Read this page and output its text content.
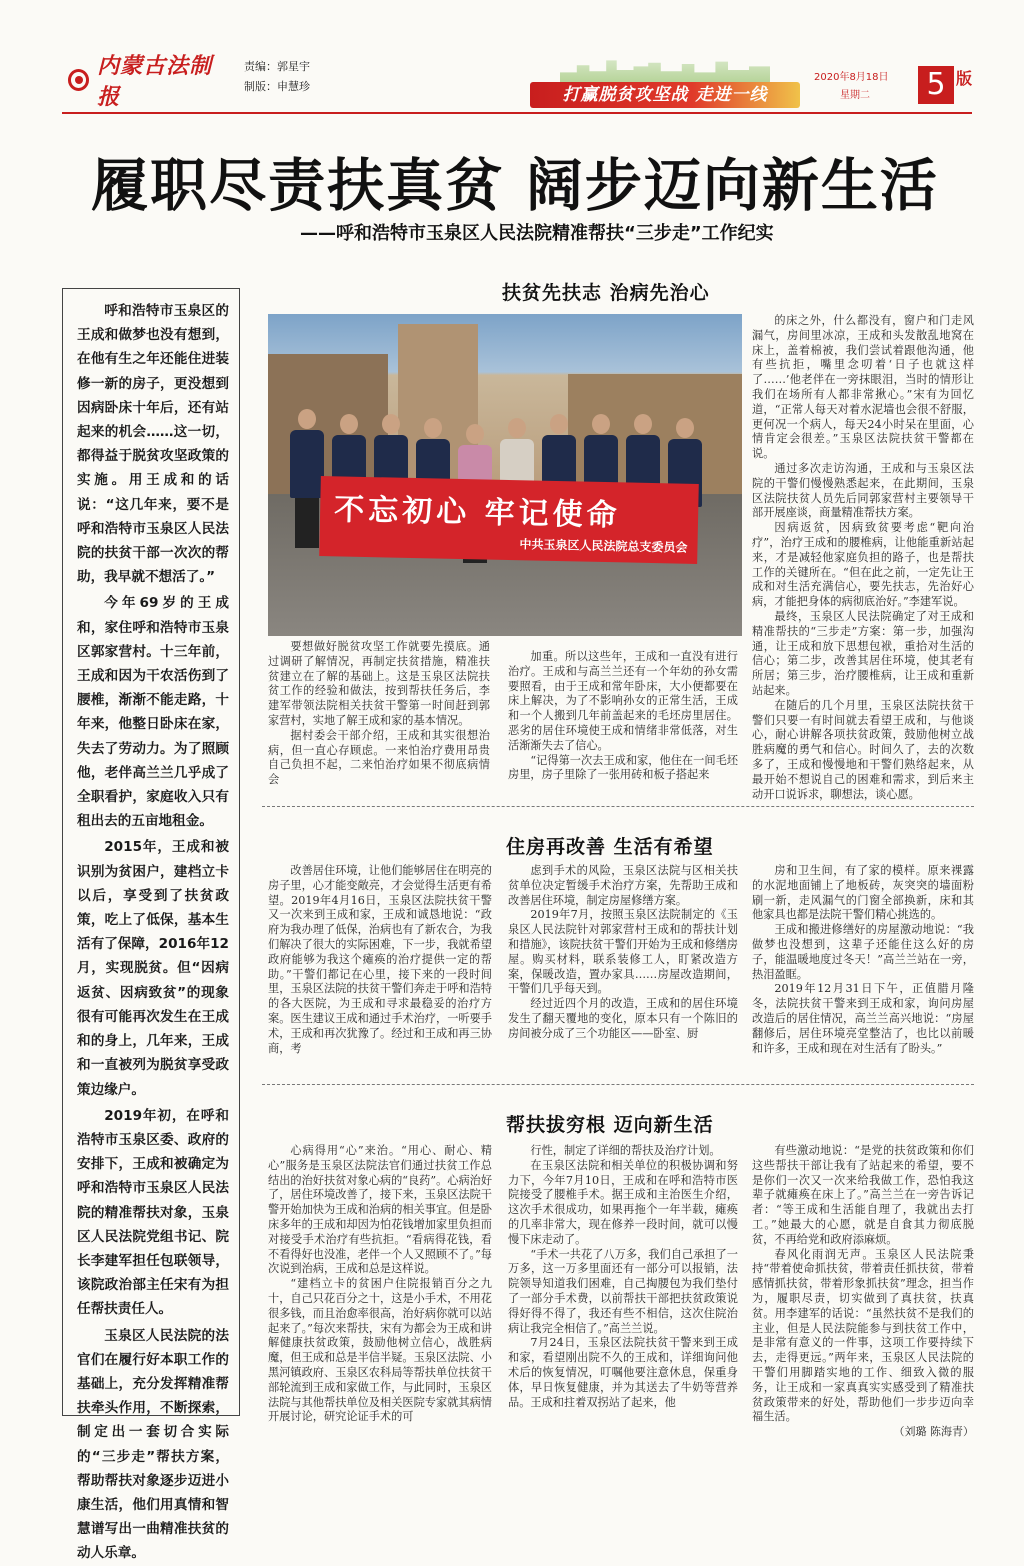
内蒙古法制报
责编：郭星宇
制版：申慧珍	打赢脱贫攻坚战 走进一线
2020年8月18日
星期二 5 版
履职尽责扶真贫 阔步迈向新生活
——呼和浩特市玉泉区人民法院精准帮扶“三步走”工作纪实

呼和浩特市玉泉区的王成和做梦也没有想到，在他有生之年还能住进装修一新的房子，更没想到因病卧床十年后，还有站起来的机会……这一切，都得益于脱贫攻坚政策的实施。用王成和的话说：“这几年来，要不是呼和浩特市玉泉区人民法院的扶贫干部一次次的帮助，我早就不想活了。”

今年69岁的王成和，家住呼和浩特市玉泉区郭家营村。十三年前，王成和因为干农活伤到了腰椎，渐渐不能走路，十年来，他整日卧床在家，失去了劳动力。为了照顾他，老伴高兰兰几乎成了全职看护，家庭收入只有租出去的五亩地租金。

2015年，王成和被识别为贫困户，建档立卡以后，享受到了扶贫政策，吃上了低保，基本生活有了保障，2016年12月，实现脱贫。但“因病返贫、因病致贫”的现象很有可能再次发生在王成和的身上，几年来，王成和一直被列为脱贫享受政策边缘户。

2019年初，在呼和浩特市玉泉区委、政府的安排下，王成和被确定为呼和浩特市玉泉区人民法院的精准帮扶对象，玉泉区人民法院党组书记、院长李建军担任包联领导，该院政治部主任宋有为担任帮扶责任人。

玉泉区人民法院的法官们在履行好本职工作的基础上，充分发挥精准帮扶牵头作用，不断探索，制定出一套切合实际的“三步走”帮扶方案，帮助帮扶对象逐步迈进小康生活，他们用真情和智慧谱写出一曲精准扶贫的动人乐章。

扶贫先扶志 治病先治心
不忘初心 牢记使命
中共玉泉区人民法院总支委员会

要想做好脱贫攻坚工作就要先摸底。通过调研了解情况，再制定扶贫措施，精准扶贫建立在了解的基础上。这是玉泉区法院扶贫工作的经验和做法，按到帮扶任务后，李建军带领法院相关扶贫干警第一时间赶到郭家营村，实地了解王成和家的基本情况。

据村委会干部介绍，王成和其实很想治病，但一直心存顾虑。一来怕治疗费用昂贵自己负担不起，二来怕治疗如果不彻底病情会

加重。所以这些年，王成和一直没有进行治疗。王成和与高兰兰还有一个年幼的孙女需要照看，由于王成和常年卧床，大小便都要在床上解决，为了不影响孙女的正常生活，王成和一个人搬到几年前盖起来的毛坯房里居住。恶劣的居住环境使王成和情绪非常低落，对生活渐渐失去了信心。

“记得第一次去王成和家，他住在一间毛坯房里，房子里除了一张用砖和板子搭起来

的床之外，什么都没有，窗户和门走风漏气，房间里冰凉，王成和头发散乱地窝在床上，盖着棉被，我们尝试着跟他沟通，他有些抗拒，嘴里念叨着‘日子也就这样了……’他老伴在一旁抹眼泪，当时的情形让我们在场所有人都非常揪心。”宋有为回忆道，“正常人每天对着水泥墙也会很不舒服，更何况一个病人，每天24小时呆在里面，心情肯定会很差。”玉泉区法院扶贫干警都在说。

通过多次走访沟通，王成和与玉泉区法院的干警们慢慢熟悉起来，在此期间，玉泉区法院扶贫人员先后同郭家营村主要领导干部开展座谈，商量精准帮扶方案。

因病返贫，因病致贫要考虑“靶向治疗”，治疗王成和的腰椎病，让他能重新站起来，才是减轻他家庭负担的路子，也是帮扶工作的关键所在。“但在此之前，一定先让王成和对生活充满信心，要先扶志，先治好心病，才能把身体的病彻底治好。”李建军说。

最终，玉泉区人民法院确定了对王成和精准帮扶的“三步走”方案：第一步，加强沟通，让王成和放下思想包袱，重拾对生活的信心；第二步，改善其居住环境，使其老有所居；第三步，治疗腰椎病，让王成和重新站起来。

在随后的几个月里，玉泉区法院扶贫干警们只要一有时间就去看望王成和，与他谈心，耐心讲解各项扶贫政策，鼓励他树立战胜病魔的勇气和信心。时间久了，去的次数多了，王成和慢慢地和干警们熟络起来，从最开始不想说自己的困难和需求，到后来主动开口说诉求，聊想法，谈心愿。

住房再改善 生活有希望

改善居住环境，让他们能够居住在明亮的房子里，心才能变敞亮，才会觉得生活更有希望。2019年4月16日，玉泉区法院扶贫干警又一次来到王成和家，王成和诚恳地说：“政府为我办理了低保，治病也有了新农合，为我们解决了很大的实际困难，下一步，我就希望政府能够为我这个瘫痪的治疗提供一定的帮助。”干警们都记在心里，接下来的一段时间里，玉泉区法院的扶贫干警们奔走于呼和浩特的各大医院，为王成和寻求最稳妥的治疗方案。医生建议王成和通过手术治疗，一听要手术，王成和再次犹豫了。经过和王成和再三协商，考

虑到手术的风险，玉泉区法院与区相关扶贫单位决定暂缓手术治疗方案，先帮助王成和改善居住环境，制定房屋修缮方案。

2019年7月，按照玉泉区法院制定的《玉泉区人民法院针对郭家营村王成和的帮扶计划和措施》，该院扶贫干警们开始为王成和修缮房屋。购买材料，联系装修工人，盯紧改造方案，保暖改造，置办家具……房屋改造期间，干警们几乎每天到。

经过近四个月的改造，王成和的居住环境发生了翻天覆地的变化，原本只有一个陈旧的房间被分成了三个功能区——卧室、厨

房和卫生间，有了家的模样。原来裸露的水泥地面铺上了地板砖，灰突突的墙面粉刷一新，走风漏气的门窗全部换新，床和其他家具也都是法院干警们精心挑选的。

王成和搬进修缮好的房屋激动地说：“我做梦也没想到，这辈子还能住这么好的房子，能温暖地度过冬天！”高兰兰站在一旁，热泪盈眶。

2019年12月31日下午，正值腊月隆冬，法院扶贫干警来到王成和家，询问房屋改造后的居住情况，高兰兰高兴地说：“房屋翻修后，居住环境亮堂整洁了，也比以前暖和许多，王成和现在对生活有了盼头。”

帮扶拔穷根 迈向新生活

心病得用“心”来治。“用心、耐心、精心”服务是玉泉区法院法官们通过扶贫工作总结出的治好扶贫对象心病的“良药”。心病治好了，居住环境改善了，接下来，玉泉区法院干警开始加快为王成和治病的相关事宜。但是卧床多年的王成和却因为怕花钱增加家里负担而对接受手术治疗有些抗拒。“看病得花钱，看不看得好也没准，老伴一个人又照顾不了。”每次说到治病，王成和总是这样说。

“建档立卡的贫困户住院报销百分之九十，自己只花百分之十，这是小手术，不用花很多钱，而且治愈率很高，治好病你就可以站起来了。”每次来帮扶，宋有为都会为王成和讲解健康扶贫政策，鼓励他树立信心，战胜病魔，但王成和总是半信半疑。玉泉区法院、小黑河镇政府、玉泉区农科局等帮扶单位扶贫干部轮流到王成和家做工作，与此同时，玉泉区法院与其他帮扶单位及相关医院专家就其病情开展讨论，研究论证手术的可

行性，制定了详细的帮扶及治疗计划。

在玉泉区法院和相关单位的积极协调和努力下，今年7月10日，王成和在呼和浩特市医院接受了腰椎手术。据王成和主治医生介绍，这次手术很成功，如果再拖个一年半载，瘫痪的几率非常大，现在修养一段时间，就可以慢慢下床走动了。

“手术一共花了八万多，我们自己承担了一万多，这一万多里面还有一部分可以报销，法院领导知道我们困难，自己掏腰包为我们垫付了一部分手术费，以前帮扶干部把扶贫政策说得好得不得了，我还有些不相信，这次住院治病让我完全相信了。”高兰兰说。

7月24日，玉泉区法院扶贫干警来到王成和家，看望刚出院不久的王成和，详细询问他术后的恢复情况，叮嘱他要注意休息，保重身体，早日恢复健康，并为其送去了牛奶等营养品。王成和拄着双拐站了起来，他

有些激动地说：“是党的扶贫政策和你们这些帮扶干部让我有了站起来的希望，要不是你们一次又一次来给我做工作，恐怕我这辈子就瘫痪在床上了。”高兰兰在一旁告诉记者：“等王成和生活能自理了，我就出去打工。”她最大的心愿，就是自食其力彻底脱贫，不再给党和政府添麻烦。

春风化雨润无声。玉泉区人民法院秉持“带着使命抓扶贫，带着责任抓扶贫，带着感情抓扶贫，带着形象抓扶贫”理念，担当作为，履职尽责，切实做到了真扶贫，扶真贫。用李建军的话说：“虽然扶贫不是我们的主业，但是人民法院能参与到扶贫工作中，是非常有意义的一件事，这项工作要持续下去，走得更远。”两年来，玉泉区人民法院的干警们用脚踏实地的工作、细致入微的服务，让王成和一家真真实实感受到了精准扶贫政策带来的好处，帮助他们一步步迈向幸福生活。

（刘璐 陈海青）
